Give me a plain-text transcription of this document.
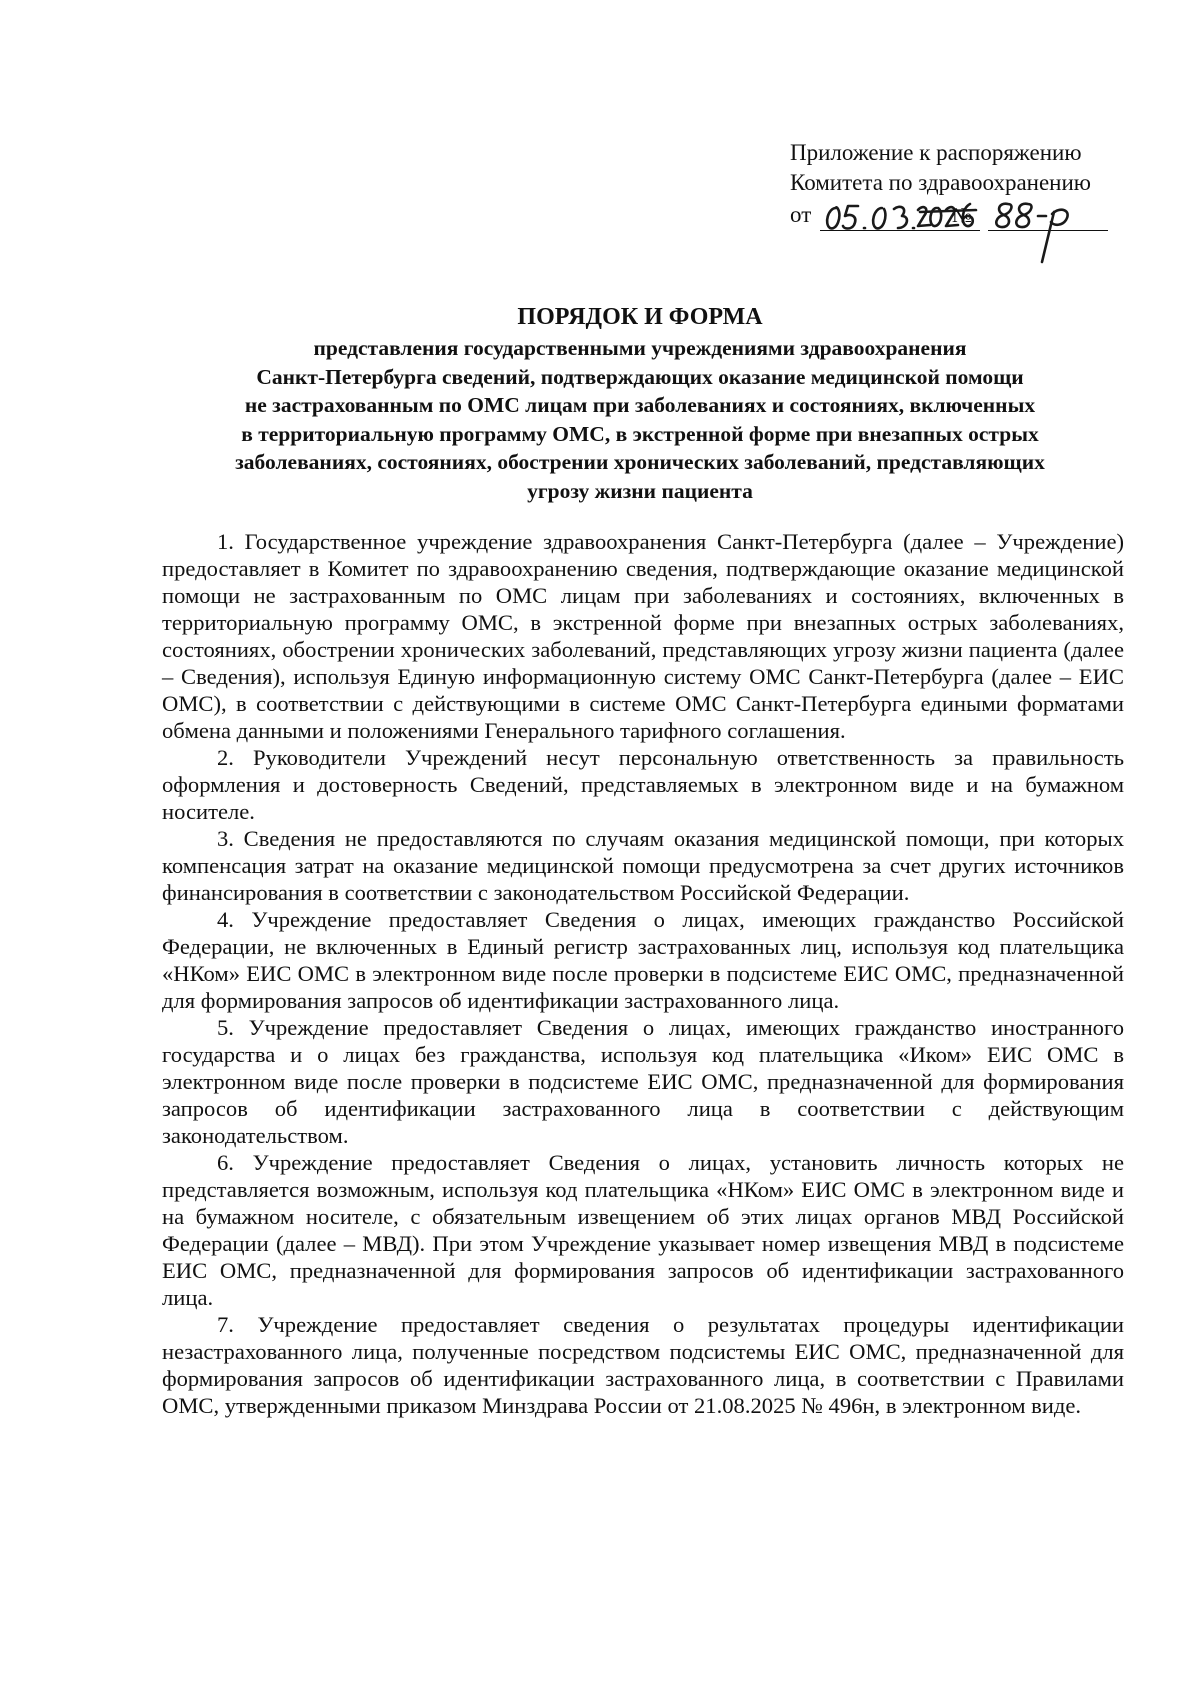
Приложение к распоряжению
Комитета по здравоохранению
от	№
ПОРЯДОК И ФОРМА
представления государственными учреждениями здравоохранения
Санкт-Петербурга сведений, подтверждающих оказание медицинской помощи
не застрахованным по ОМС лицам при заболеваниях и состояниях, включенных
в территориальную программу ОМС, в экстренной форме при внезапных острых
заболеваниях, состояниях, обострении хронических заболеваний, представляющих
угрозу жизни пациента

1. Государственное учреждение здравоохранения Санкт-Петербурга (далее – Учреждение) предоставляет в Комитет по здравоохранению сведения, подтверждающие оказание медицинской помощи не застрахованным по ОМС лицам при заболеваниях и состояниях, включенных в территориальную программу ОМС, в экстренной форме при внезапных острых заболеваниях, состояниях, обострении хронических заболеваний, представляющих угрозу жизни пациента (далее – Сведения), используя Единую информационную систему ОМС Санкт-Петербурга (далее – ЕИС ОМС), в соответствии с действующими в системе ОМС Санкт-Петербурга едиными форматами обмена данными и положениями Генерального тарифного соглашения.

2. Руководители Учреждений несут персональную ответственность за правильность оформления и достоверность Сведений, представляемых в электронном виде и на бумажном носителе.

3. Сведения не предоставляются по случаям оказания медицинской помощи, при которых компенсация затрат на оказание медицинской помощи предусмотрена за счет других источников финансирования в соответствии с законодательством Российской Федерации.

4. Учреждение предоставляет Сведения о лицах, имеющих гражданство Российской Федерации, не включенных в Единый регистр застрахованных лиц, используя код плательщика «НКом» ЕИС ОМС в электронном виде после проверки в подсистеме ЕИС ОМС, предназначенной для формирования запросов об идентификации застрахованного лица.

5. Учреждение предоставляет Сведения о лицах, имеющих гражданство иностранного государства и о лицах без гражданства, используя код плательщика «Иком» ЕИС ОМС в электронном виде после проверки в подсистеме ЕИС ОМС, предназначенной для формирования запросов об идентификации застрахованного лица в соответствии с действующим законодательством.

6. Учреждение предоставляет Сведения о лицах, установить личность которых не представляется возможным, используя код плательщика «НКом» ЕИС ОМС в электронном виде и на бумажном носителе, с обязательным извещением об этих лицах органов МВД Российской Федерации (далее – МВД). При этом Учреждение указывает номер извещения МВД в подсистеме ЕИС ОМС, предназначенной для формирования запросов об идентификации застрахованного лица.

7. Учреждение предоставляет сведения о результатах процедуры идентификации незастрахованного лица, полученные посредством подсистемы ЕИС ОМС, предназначенной для формирования запросов об идентификации застрахованного лица, в соответствии с Правилами ОМС, утвержденными приказом Минздрава России от 21.08.2025 № 496н, в электронном виде.
